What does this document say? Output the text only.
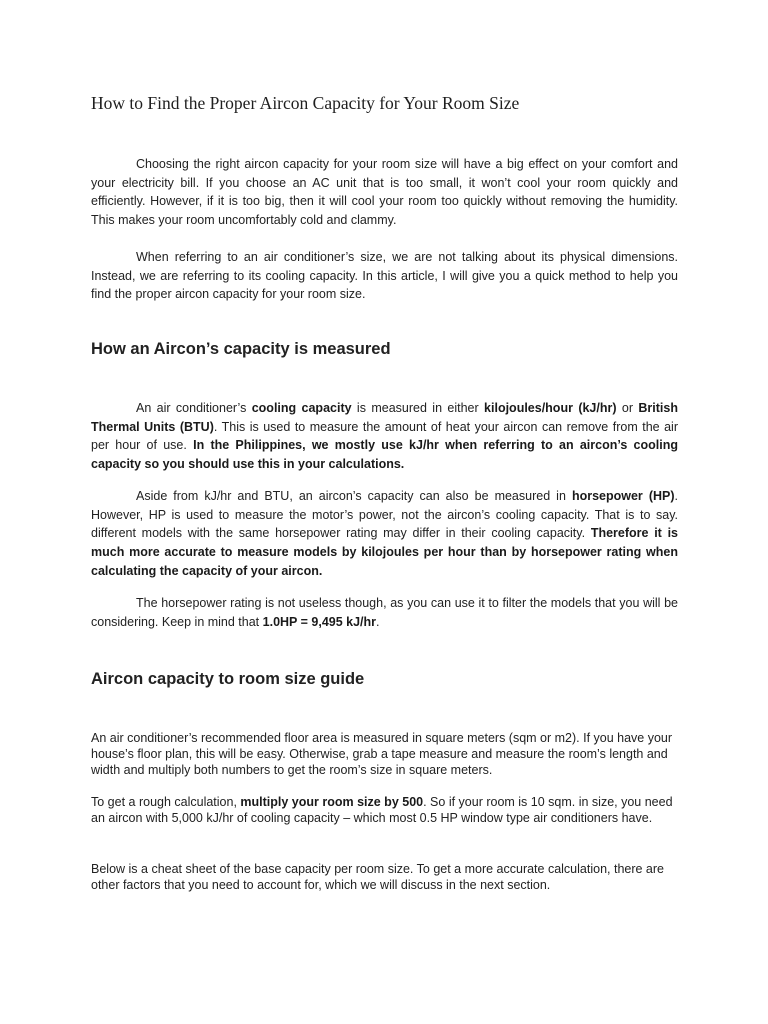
How to Find the Proper Aircon Capacity for Your Room Size

Choosing the right aircon capacity for your room size will have a big effect on your comfort and your electricity bill. If you choose an AC unit that is too small, it won’t cool your room quickly and efficiently. However, if it is too big, then it will cool your room too quickly without removing the humidity. This makes your room uncomfortably cold and clammy.

When referring to an air conditioner’s size, we are not talking about its physical dimensions. Instead, we are referring to its cooling capacity. In this article, I will give you a quick method to help you find the proper aircon capacity for your room size.

How an Aircon’s capacity is measured

An air conditioner’s cooling capacity is measured in either kilojoules/hour (kJ/hr) or British Thermal Units (BTU). This is used to measure the amount of heat your aircon can remove from the air per hour of use. In the Philippines, we mostly use kJ/hr when referring to an aircon’s cooling capacity so you should use this in your calculations.

Aside from kJ/hr and BTU, an aircon’s capacity can also be measured in horsepower (HP). However, HP is used to measure the motor’s power, not the aircon’s cooling capacity. That is to say. different models with the same horsepower rating may differ in their cooling capacity. Therefore it is much more accurate to measure models by kilojoules per hour than by horsepower rating when calculating the capacity of your aircon.

The horsepower rating is not useless though, as you can use it to filter the models that you will be considering. Keep in mind that 1.0HP = 9,495 kJ/hr.

Aircon capacity to room size guide

An air conditioner’s recommended floor area is measured in square meters (sqm or m2). If you have your house’s floor plan, this will be easy. Otherwise, grab a tape measure and measure the room’s length and width and multiply both numbers to get the room’s size in square meters.

To get a rough calculation, multiply your room size by 500. So if your room is 10 sqm. in size, you need an aircon with 5,000 kJ/hr of cooling capacity – which most 0.5 HP window type air conditioners have.

Below is a cheat sheet of the base capacity per room size. To get a more accurate calculation, there are other factors that you need to account for, which we will discuss in the next section.
